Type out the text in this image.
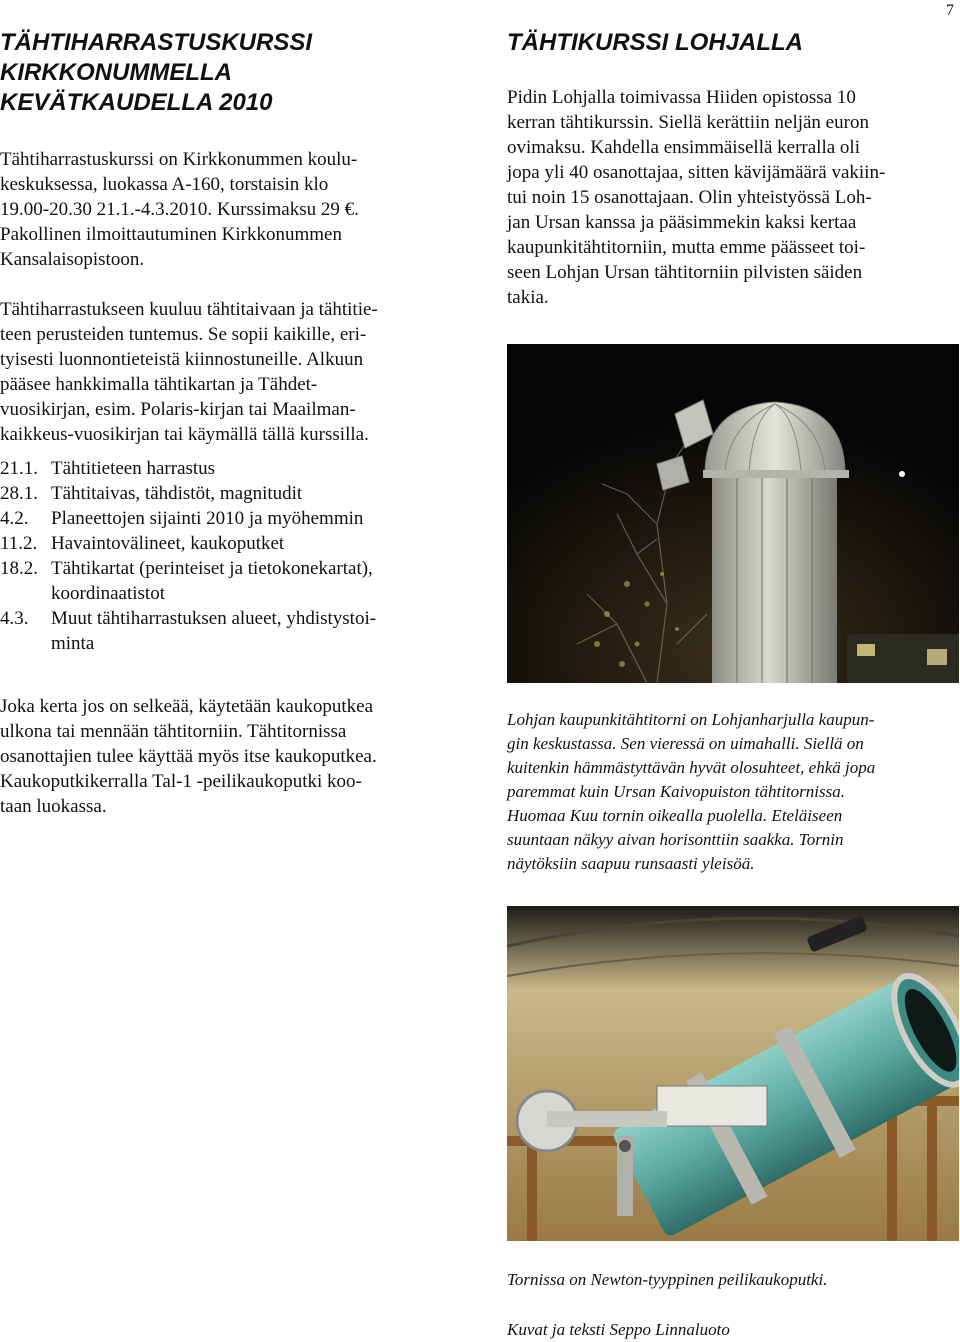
7
TÄHTIHARRASTUSKURSSI
KIRKKONUMMELLA
KEVÄTKAUDELLA 2010

Tähtiharrastuskurssi on Kirkkonummen koulu-
keskuksessa, luokassa A-160, torstaisin klo
19.00-20.30 21.1.-4.3.2010. Kurssimaksu 29 €.
Pakollinen ilmoittautuminen Kirkkonummen
Kansalaisopistoon.

Tähtiharrastukseen kuuluu tähtitaivaan ja tähtitie-
teen perusteiden tuntemus. Se sopii kaikille, eri-
tyisesti luonnontieteistä kiinnostuneille. Alkuun
pääsee hankkimalla tähtikartan ja Tähdet-
vuosikirjan, esim. Polaris-kirjan tai Maailman-
kaikkeus-vuosikirjan tai käymällä tällä kurssilla.

21.1. Tähtitieteen harrastus
28.1. Tähtitaivas, tähdistöt, magnitudit
4.2.	Planeettojen sijainti 2010 ja myöhemmin
11.2. Havaintovälineet, kaukoputket
18.2. Tähtikartat (perinteiset ja tietokonekartat),
koordinaatistot
4.3.	Muut tähtiharrastuksen alueet, yhdistystoi-
minta

Joka kerta jos on selkeää, käytetään kaukoputkea
ulkona tai mennään tähtitorniin. Tähtitornissa
osanottajien tulee käyttää myös itse kaukoputkea.
Kaukoputkikerralla Tal-1 -peilikaukoputki koo-
taan luokassa.

TÄHTIKURSSI LOHJALLA

Pidin Lohjalla toimivassa Hiiden opistossa 10
kerran tähtikurssin. Siellä kerättiin neljän euron
ovimaksu. Kahdella ensimmäisellä kerralla oli
jopa yli 40 osanottajaa, sitten kävijämäärä vakiin-
tui noin 15 osanottajaan. Olin yhteistyössä Loh-
jan Ursan kanssa ja pääsimmekin kaksi kertaa
kaupunkitähtitorniin, mutta emme päässeet toi-
seen Lohjan Ursan tähtitorniin pilvisten säiden
takia.

Lohjan kaupunkitähtitorni on Lohjanharjulla kaupun-
gin keskustassa. Sen vieressä on uimahalli. Siellä on
kuitenkin hämmästyttävän hyvät olosuhteet, ehkä jopa
paremmat kuin Ursan Kaivopuiston tähtitornissa.
Huomaa Kuu tornin oikealla puolella. Eteläiseen
suuntaan näkyy aivan horisonttiin saakka. Tornin
näytöksiin saapuu runsaasti yleisöä.
Tornissa on Newton-tyyppinen peilikaukoputki.
Kuvat ja teksti Seppo Linnaluoto
